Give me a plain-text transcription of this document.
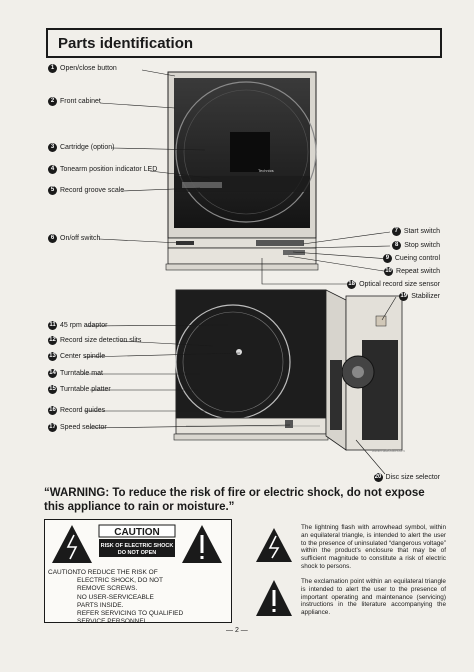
Parts identification
Technics
1 Open/close button
2 Front cabinet
3 Cartridge (option)
4 Tonearm position indicator LED
5 Record groove scale
6 On/off switch
7 Start switch
8 Stop switch
9 Cueing control
10 Repeat switch
18 Optical record size sensor
19 Stabilizer
11 45 rpm adaptor
12 Record size detection slits
13 Center spindle
14 Turntable mat
15 Turntable platter
16 Record guides
17 Speed selector
20 Disc size selector
www.radiofan.com
“WARNING: To reduce the risk of fire or electric shock, do not expose this appliance to rain or moisture.”
CAUTION
RISK OF ELECTRIC SHOCK
DO NOT OPEN
CAUTION:
TO REDUCE THE RISK OF
ELECTRIC SHOCK, DO NOT
REMOVE SCREWS.
NO USER-SERVICEABLE
PARTS INSIDE.
REFER SERVICING TO QUALIFIED
SERVICE PERSONNEL.
The lightning flash with arrowhead symbol, within an equilateral triangle, is intended to alert the user to the presence of uninsulated “dangerous voltage” within the product's enclosure that may be of sufficient magnitude to constitute a risk of electric shock to persons.
The exclamation point within an equilateral triangle is intended to alert the user to the presence of important operating and maintenance (servicing) instructions in the literature accompanying the appliance.
— 2 —
